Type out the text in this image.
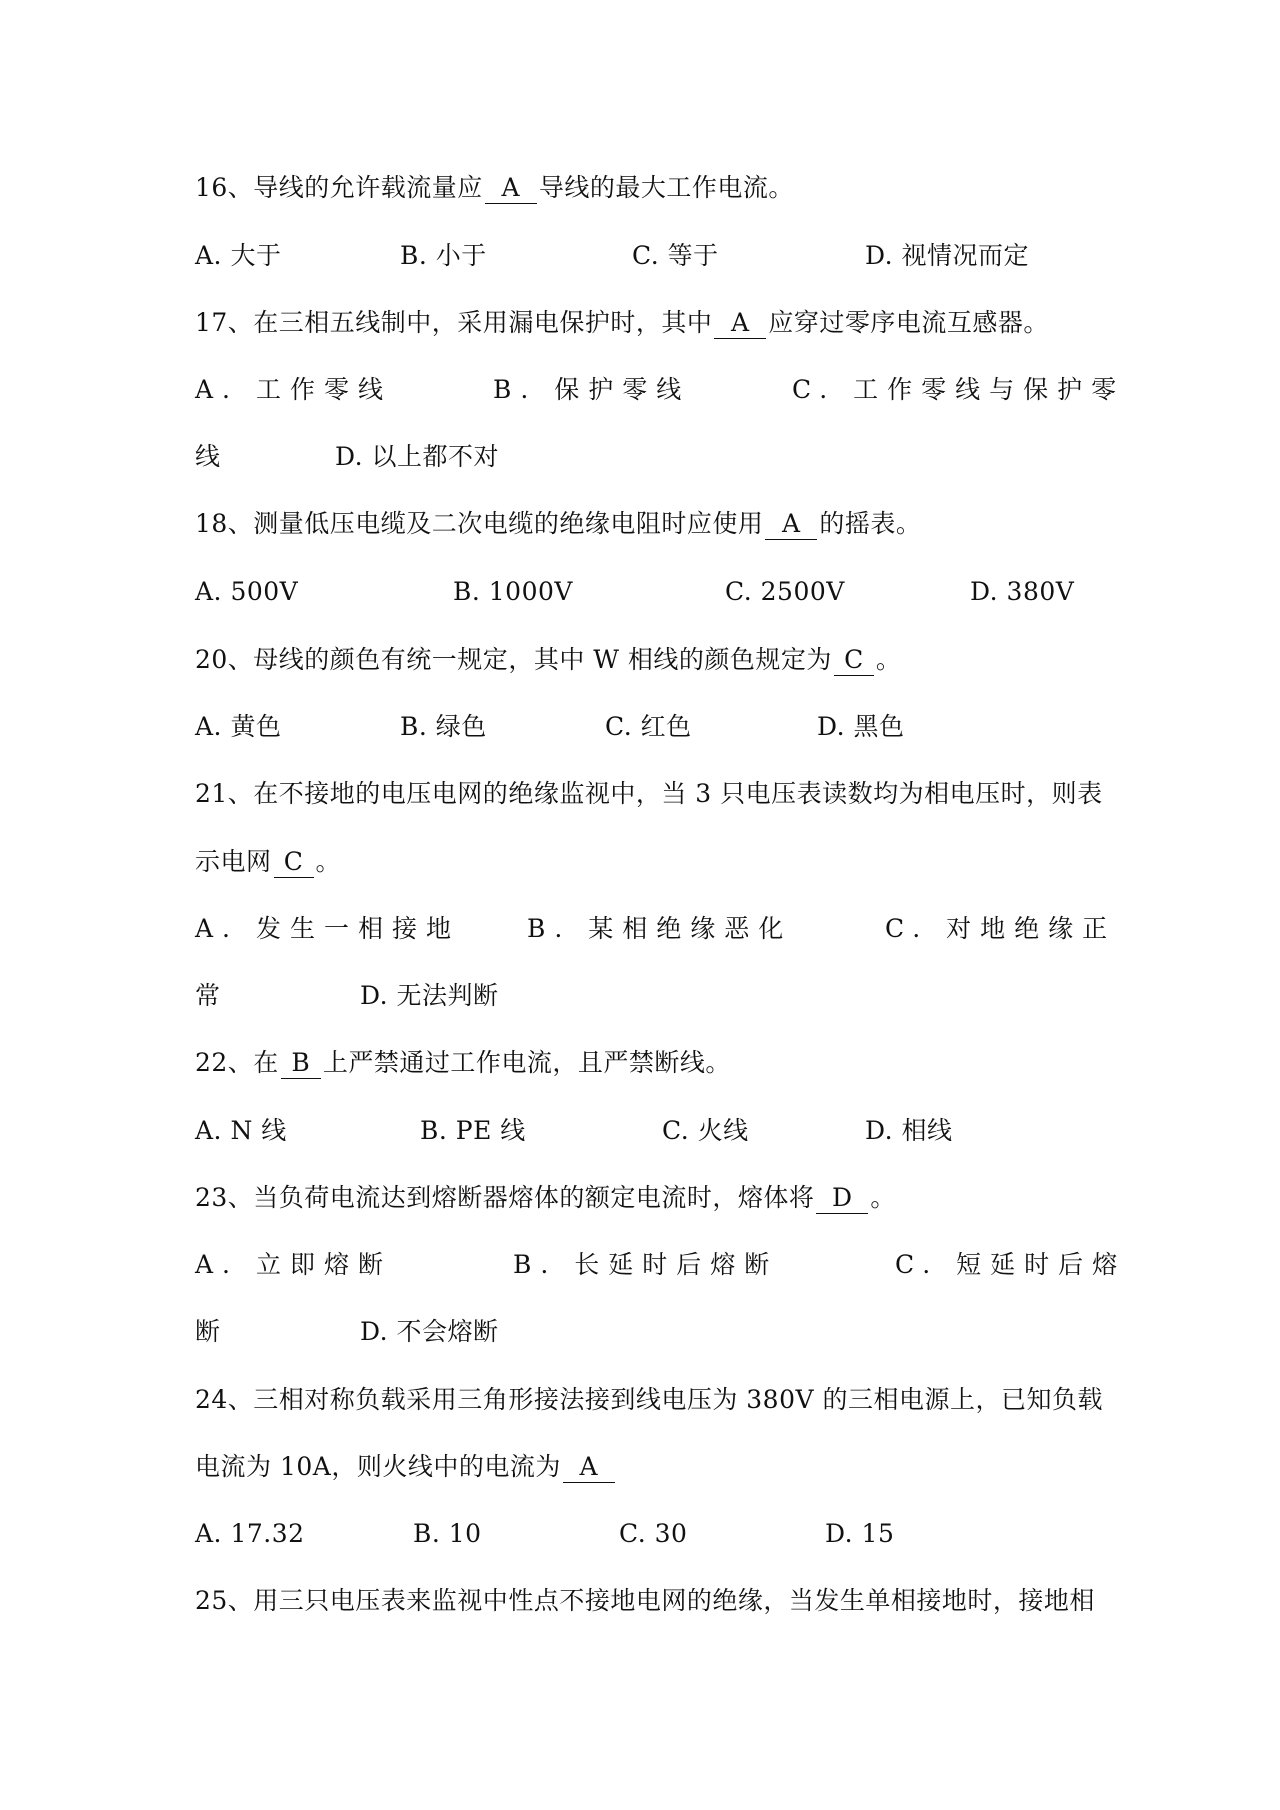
16、导线的允许载流量应 A 导线的最大工作电流。
A. 大于	B. 小于	C. 等于	D. 视情况而定
17、在三相五线制中，采用漏电保护时，其中 A 应穿过零序电流互感器。
A. 工作零线	B. 保护零线	C. 工作零线与保护零
线	D. 以上都不对
18、测量低压电缆及二次电缆的绝缘电阻时应使用 A 的摇表。
A. 500V	B. 1000V	C. 2500V	D. 380V
20、母线的颜色有统一规定，其中 W 相线的颜色规定为 C 。
A. 黄色	B. 绿色	C. 红色	D. 黑色
21、在不接地的电压电网的绝缘监视中，当 3 只电压表读数均为相电压时，则表
示电网 C 。
A. 发生一相接地	B. 某相绝缘恶化	C. 对地绝缘正
常	D. 无法判断
22、在 B 上严禁通过工作电流，且严禁断线。
A. N 线	B. PE 线	C. 火线	D. 相线
23、当负荷电流达到熔断器熔体的额定电流时，熔体将 D 。
A. 立即熔断	B. 长延时后熔断	C. 短延时后熔
断	D. 不会熔断
24、三相对称负载采用三角形接法接到线电压为 380V 的三相电源上，已知负载
电流为 10A，则火线中的电流为 A
A. 17.32	B. 10	C. 30	D. 15
25、用三只电压表来监视中性点不接地电网的绝缘，当发生单相接地时，接地相
